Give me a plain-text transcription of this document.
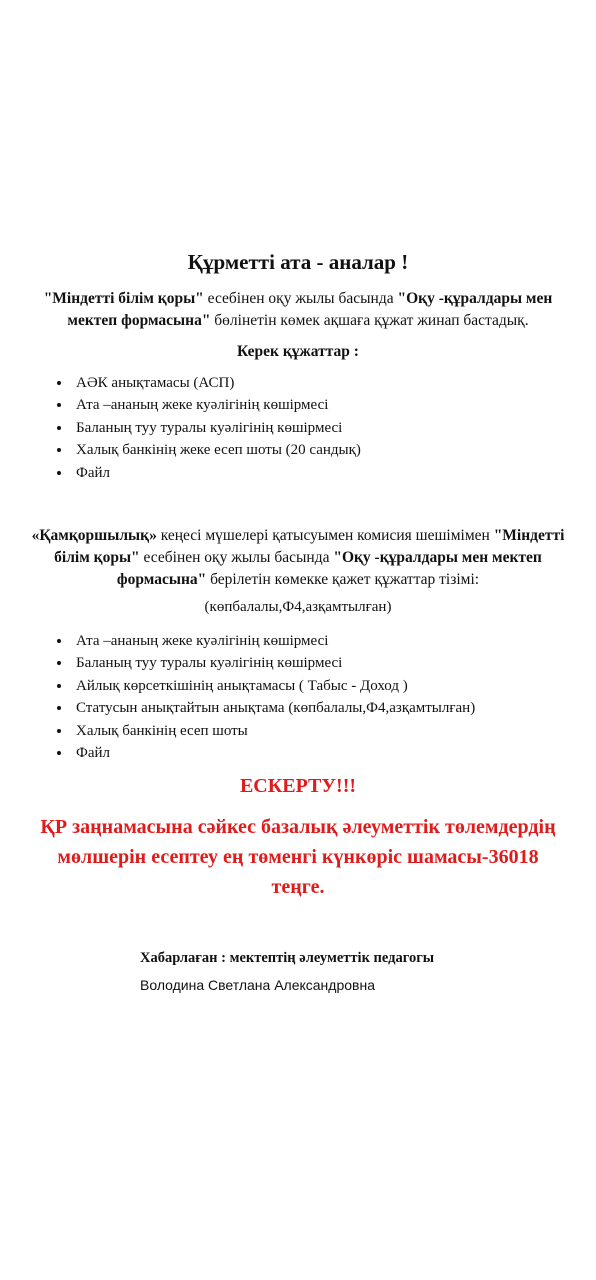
Құрметті ата - аналар !
"Міндетті білім қоры" есебінен оқу жылы басында "Оқу -құралдары мен мектеп формасына" бөлінетін көмек ақшаға құжат жинап бастадық.
Керек құжаттар :
• АӘК анықтамасы (АСП)
• Ата –ананың жеке куәлігінің көшірмесі
• Баланың туу туралы куәлігінің көшірмесі
• Халық банкінің жеке есеп шоты (20 сандық)
• Файл
«Қамқоршылық» кеңесі мүшелері қатысуымен комисия шешімімен "Міндетті білім қоры" есебінен оқу жылы басында "Оқу -құралдары мен мектеп формасына" берілетін көмекке қажет құжаттар тізімі:
(көпбалалы,Ф4,азқамтылған)
• Ата –ананың жеке куәлігінің көшірмесі
• Баланың туу туралы куәлігінің көшірмесі
• Айлық көрсеткішінің анықтамасы ( Табыс - Доход )
• Статусын анықтайтын анықтама (көпбалалы,Ф4,азқамтылған)
• Халық банкінің есеп шоты
• Файл
ЕСКЕРТУ!!!
ҚР заңнамасына сәйкес базалық әлеуметтік төлемдердің мөлшерін есептеу ең төменгі күнкөріс шамасы-36018 теңге.
Хабарлаған : мектептің әлеуметтік педагогы
Володина Светлана Александровна
